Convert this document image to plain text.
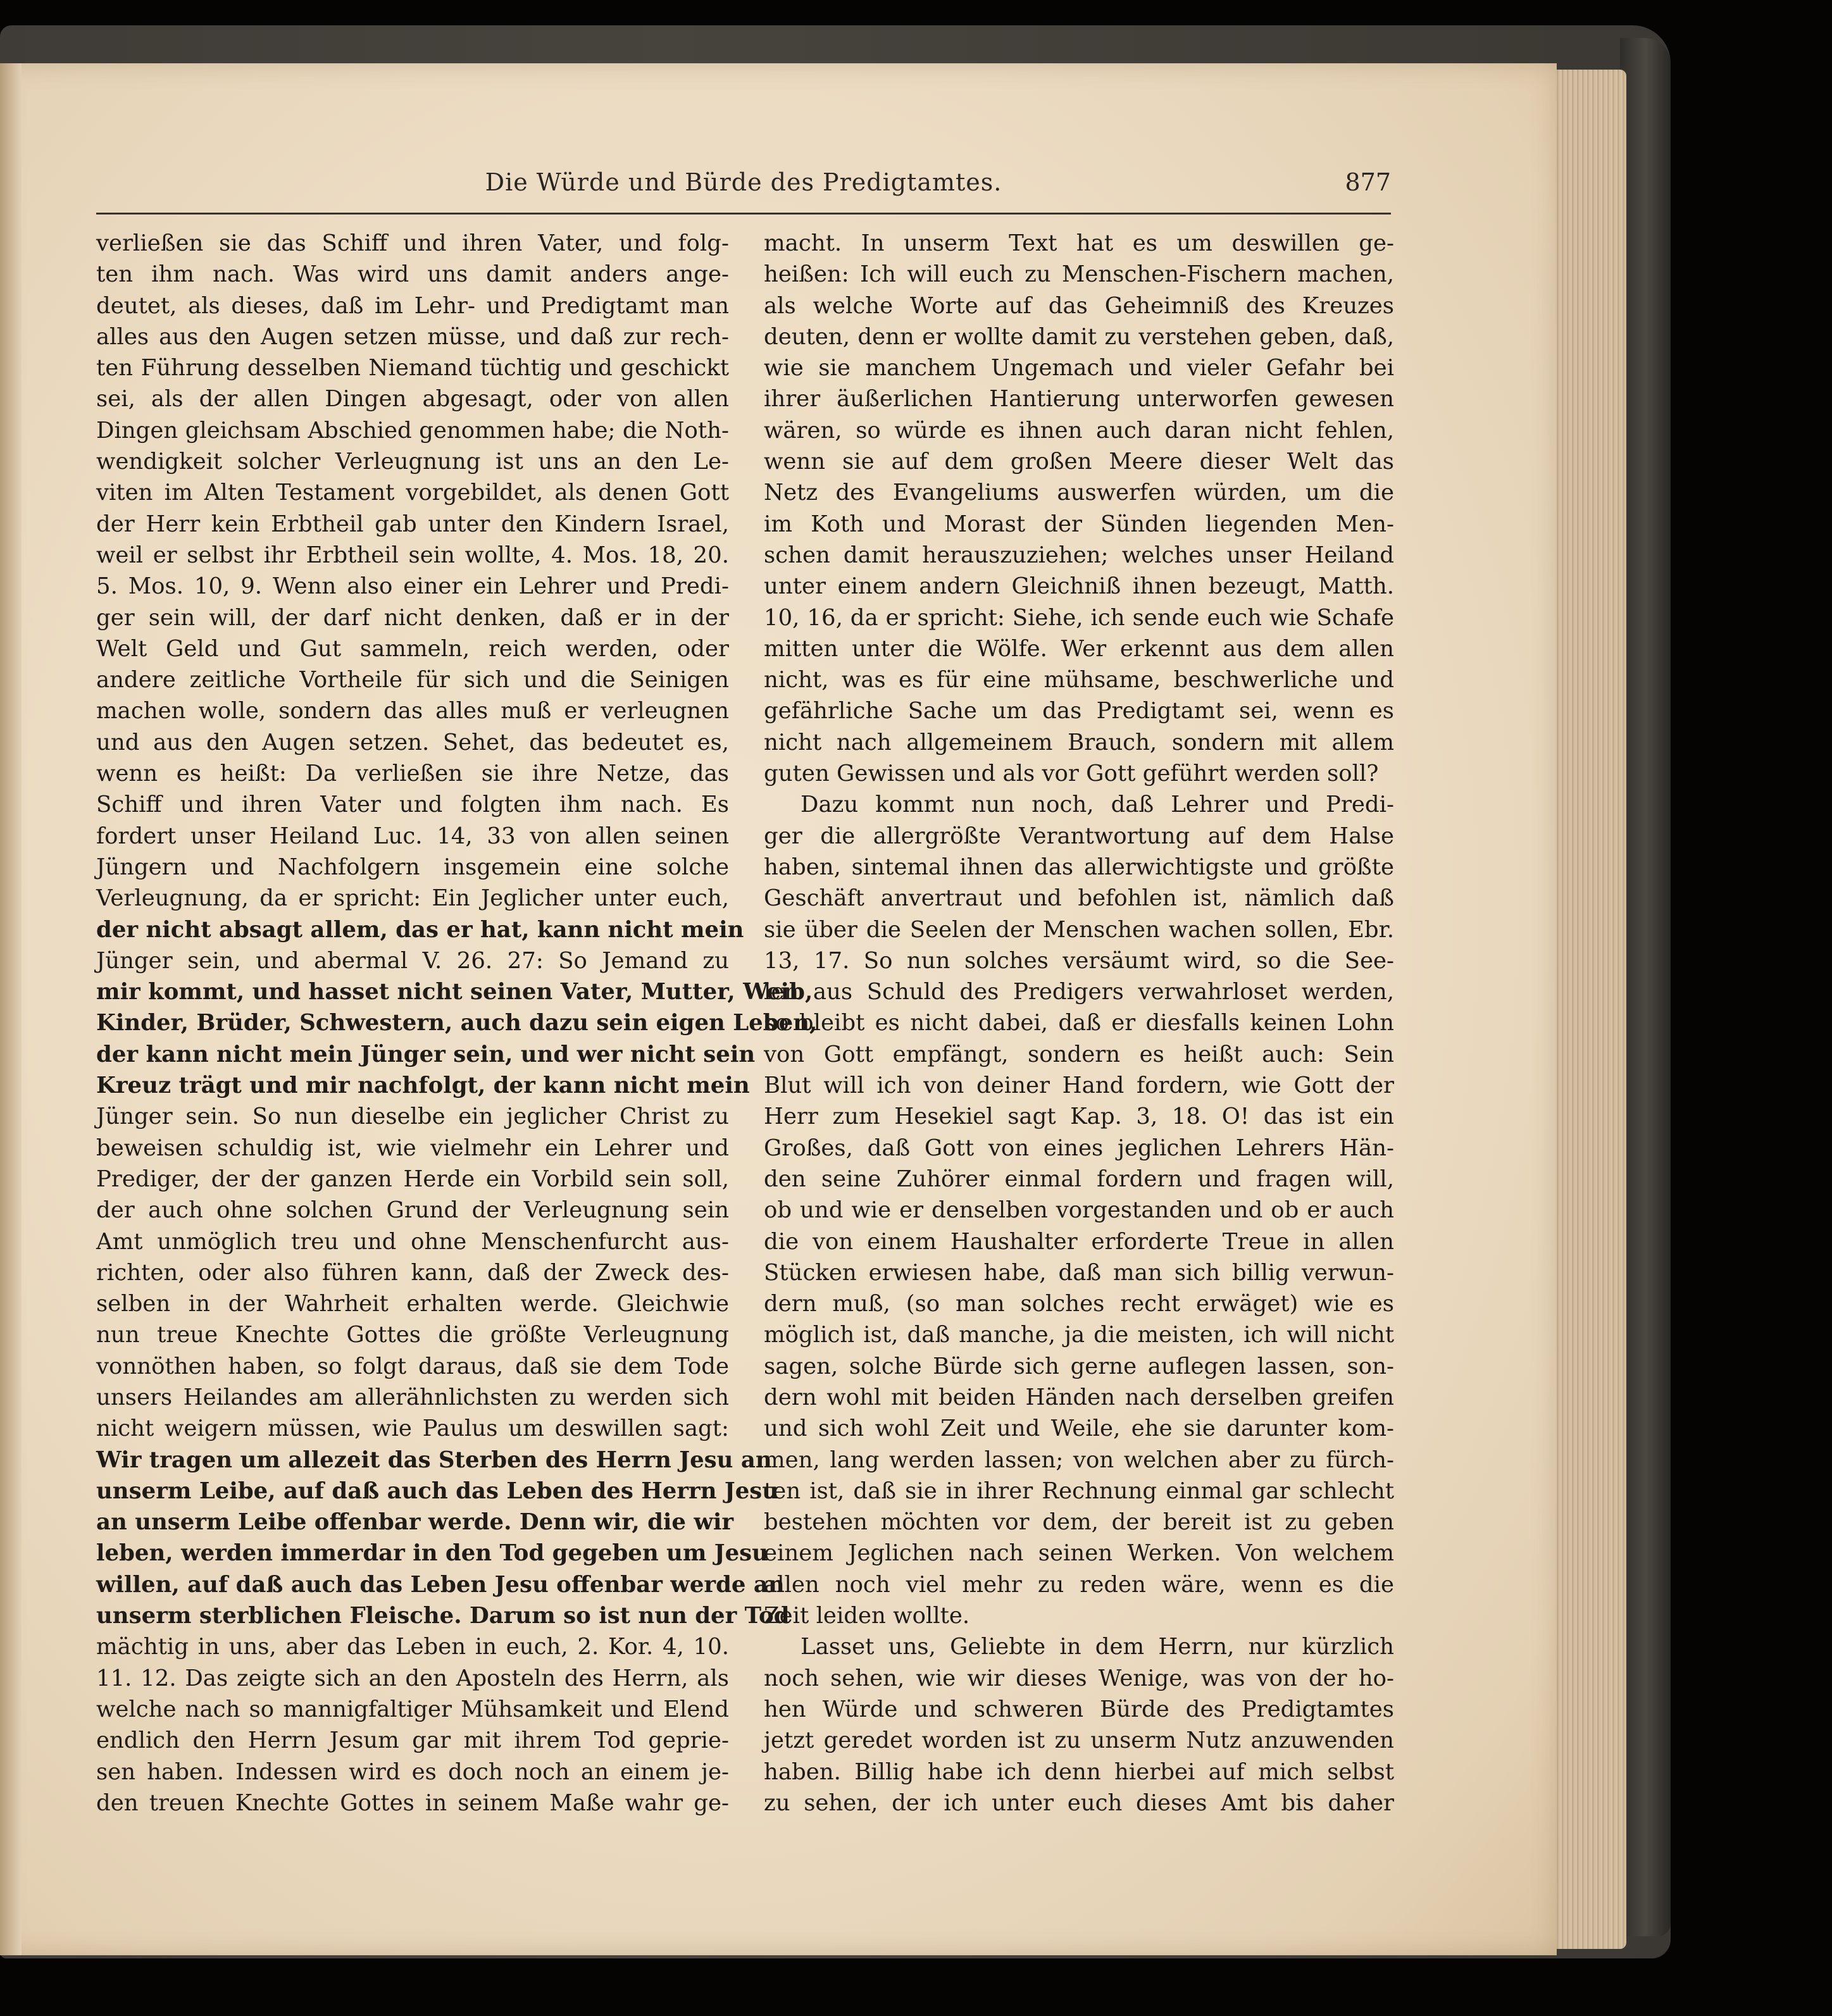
Die Würde und Bürde des Predigtamtes.	877
verließen sie das Schiff und ihren Vater, und folg-
ten ihm nach. Was wird uns damit anders ange-
deutet, als dieses, daß im Lehr- und Predigtamt man
alles aus den Augen setzen müsse, und daß zur rech-
ten Führung desselben Niemand tüchtig und geschickt
sei, als der allen Dingen abgesagt, oder von allen
Dingen gleichsam Abschied genommen habe; die Noth-
wendigkeit solcher Verleugnung ist uns an den Le-
viten im Alten Testament vorgebildet, als denen Gott
der Herr kein Erbtheil gab unter den Kindern Israel,
weil er selbst ihr Erbtheil sein wollte, 4. Mos. 18, 20.
5. Mos. 10, 9. Wenn also einer ein Lehrer und Predi-
ger sein will, der darf nicht denken, daß er in der
Welt Geld und Gut sammeln, reich werden, oder
andere zeitliche Vortheile für sich und die Seinigen
machen wolle, sondern das alles muß er verleugnen
und aus den Augen setzen. Sehet, das bedeutet es,
wenn es heißt: Da verließen sie ihre Netze, das
Schiff und ihren Vater und folgten ihm nach. Es
fordert unser Heiland Luc. 14, 33 von allen seinen
Jüngern und Nachfolgern insgemein eine solche
Verleugnung, da er spricht: Ein Jeglicher unter euch,
der nicht absagt allem, das er hat, kann nicht mein
Jünger sein, und abermal V. 26. 27: So Jemand zu
mir kommt, und hasset nicht seinen Vater, Mutter, Weib,
Kinder, Brüder, Schwestern, auch dazu sein eigen Leben,
der kann nicht mein Jünger sein, und wer nicht sein
Kreuz trägt und mir nachfolgt, der kann nicht mein
Jünger sein. So nun dieselbe ein jeglicher Christ zu
beweisen schuldig ist, wie vielmehr ein Lehrer und
Prediger, der der ganzen Herde ein Vorbild sein soll,
der auch ohne solchen Grund der Verleugnung sein
Amt unmöglich treu und ohne Menschenfurcht aus-
richten, oder also führen kann, daß der Zweck des-
selben in der Wahrheit erhalten werde. Gleichwie
nun treue Knechte Gottes die größte Verleugnung
vonnöthen haben, so folgt daraus, daß sie dem Tode
unsers Heilandes am allerähnlichsten zu werden sich
nicht weigern müssen, wie Paulus um deswillen sagt:
Wir tragen um allezeit das Sterben des Herrn Jesu an
unserm Leibe, auf daß auch das Leben des Herrn Jesu
an unserm Leibe offenbar werde. Denn wir, die wir
leben, werden immerdar in den Tod gegeben um Jesu
willen, auf daß auch das Leben Jesu offenbar werde an
unserm sterblichen Fleische. Darum so ist nun der Tod
mächtig in uns, aber das Leben in euch, 2. Kor. 4, 10.
11. 12. Das zeigte sich an den Aposteln des Herrn, als
welche nach so mannigfaltiger Mühsamkeit und Elend
endlich den Herrn Jesum gar mit ihrem Tod geprie-
sen haben. Indessen wird es doch noch an einem je-
den treuen Knechte Gottes in seinem Maße wahr ge-
macht. In unserm Text hat es um deswillen ge-
heißen: Ich will euch zu Menschen-Fischern machen,
als welche Worte auf das Geheimniß des Kreuzes
deuten, denn er wollte damit zu verstehen geben, daß,
wie sie manchem Ungemach und vieler Gefahr bei
ihrer äußerlichen Hantierung unterworfen gewesen
wären, so würde es ihnen auch daran nicht fehlen,
wenn sie auf dem großen Meere dieser Welt das
Netz des Evangeliums auswerfen würden, um die
im Koth und Morast der Sünden liegenden Men-
schen damit herauszuziehen; welches unser Heiland
unter einem andern Gleichniß ihnen bezeugt, Matth.
10, 16, da er spricht: Siehe, ich sende euch wie Schafe
mitten unter die Wölfe. Wer erkennt aus dem allen
nicht, was es für eine mühsame, beschwerliche und
gefährliche Sache um das Predigtamt sei, wenn es
nicht nach allgemeinem Brauch, sondern mit allem
guten Gewissen und als vor Gott geführt werden soll?
Dazu kommt nun noch, daß Lehrer und Predi-
ger die allergrößte Verantwortung auf dem Halse
haben, sintemal ihnen das allerwichtigste und größte
Geschäft anvertraut und befohlen ist, nämlich daß
sie über die Seelen der Menschen wachen sollen, Ebr.
13, 17. So nun solches versäumt wird, so die See-
len aus Schuld des Predigers verwahrloset werden,
so bleibt es nicht dabei, daß er diesfalls keinen Lohn
von Gott empfängt, sondern es heißt auch: Sein
Blut will ich von deiner Hand fordern, wie Gott der
Herr zum Hesekiel sagt Kap. 3, 18. O! das ist ein
Großes, daß Gott von eines jeglichen Lehrers Hän-
den seine Zuhörer einmal fordern und fragen will,
ob und wie er denselben vorgestanden und ob er auch
die von einem Haushalter erforderte Treue in allen
Stücken erwiesen habe, daß man sich billig verwun-
dern muß, (so man solches recht erwäget) wie es
möglich ist, daß manche, ja die meisten, ich will nicht
sagen, solche Bürde sich gerne auflegen lassen, son-
dern wohl mit beiden Händen nach derselben greifen
und sich wohl Zeit und Weile, ehe sie darunter kom-
men, lang werden lassen; von welchen aber zu fürch-
ten ist, daß sie in ihrer Rechnung einmal gar schlecht
bestehen möchten vor dem, der bereit ist zu geben
einem Jeglichen nach seinen Werken. Von welchem
allen noch viel mehr zu reden wäre, wenn es die
Zeit leiden wollte.
Lasset uns, Geliebte in dem Herrn, nur kürzlich
noch sehen, wie wir dieses Wenige, was von der ho-
hen Würde und schweren Bürde des Predigtamtes
jetzt geredet worden ist zu unserm Nutz anzuwenden
haben. Billig habe ich denn hierbei auf mich selbst
zu sehen, der ich unter euch dieses Amt bis daher
